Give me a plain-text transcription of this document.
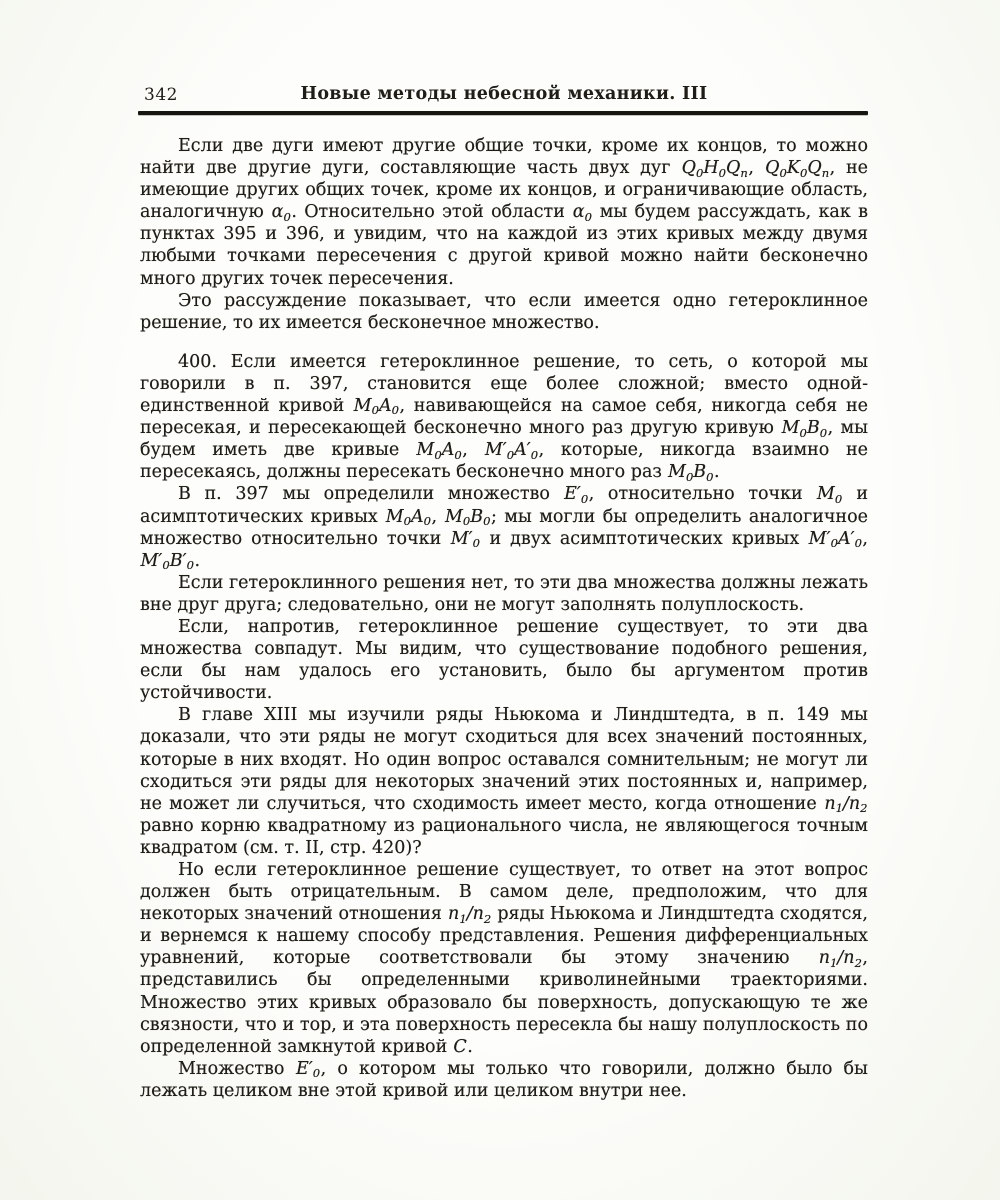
342	Новые методы небесной механики. III

Если две дуги имеют другие общие точки, кроме их концов, то можно найти две другие дуги, составляющие часть двух дуг $Q_0H_0Q_n$, $Q_0K_0Q_n$, не имеющие других общих точек, кроме их концов, и ограничивающие область, аналогичную $\alpha_0$. Относительно этой области $\alpha_0$ мы будем рассуждать, как в пунктах 395 и 396, и увидим, что на каждой из этих кривых между двумя любыми точками пересечения с другой кривой можно найти бесконечно много других точек пересечения.

Это рассуждение показывает, что если имеется одно гетероклинное решение, то их имеется бесконечное множество.

400. Если имеется гетероклинное решение, то сеть, о которой мы говорили в п. 397, становится еще более сложной; вместо одной-единственной кривой $M_0A_0$, навивающейся на самое себя, никогда себя не пересекая, и пересекающей бесконечно много раз другую кривую $M_0B_0$, мы будем иметь две кривые $M_0A_0$, $M'_0A'_0$, которые, никогда взаимно не пересекаясь, должны пересекать бесконечно много раз $M_0B_0$.

В п. 397 мы определили множество $E'_0$, относительно точки $M_0$ и асимптотических кривых $M_0A_0$, $M_0B_0$; мы могли бы определить аналогичное множество относительно точки $M'_0$ и двух асимптотических кривых $M'_0A'_0$, $M'_0B'_0$.

Если гетероклинного решения нет, то эти два множества должны лежать вне друг друга; следовательно, они не могут заполнять полуплоскость.

Если, напротив, гетероклинное решение существует, то эти два множества совпадут. Мы видим, что существование подобного решения, если бы нам удалось его установить, было бы аргументом против устойчивости.

В главе XIII мы изучили ряды Ньюкома и Линдштедта, в п. 149 мы доказали, что эти ряды не могут сходиться для всех значений постоянных, которые в них входят. Но один вопрос оставался сомнительным; не могут ли сходиться эти ряды для некоторых значений этих постоянных и, например, не может ли случиться, что сходимость имеет место, когда отношение $n_1/n_2$ равно корню квадратному из рационального числа, не являющегося точным квадратом (см. т. II, стр. 420)?

Но если гетероклинное решение существует, то ответ на этот вопрос должен быть отрицательным. В самом деле, предположим, что для некоторых значений отношения $n_1/n_2$ ряды Ньюкома и Линдштедта сходятся, и вернемся к нашему способу представления. Решения дифференциальных уравнений, которые соответствовали бы этому значению $n_1/n_2$, представились бы определенными криволинейными траекториями. Множество этих кривых образовало бы поверхность, допускающую те же связности, что и тор, и эта поверхность пересекла бы нашу полуплоскость по определенной замкнутой кривой C.

Множество $E'_0$, о котором мы только что говорили, должно было бы лежать целиком вне этой кривой или целиком внутри нее.
